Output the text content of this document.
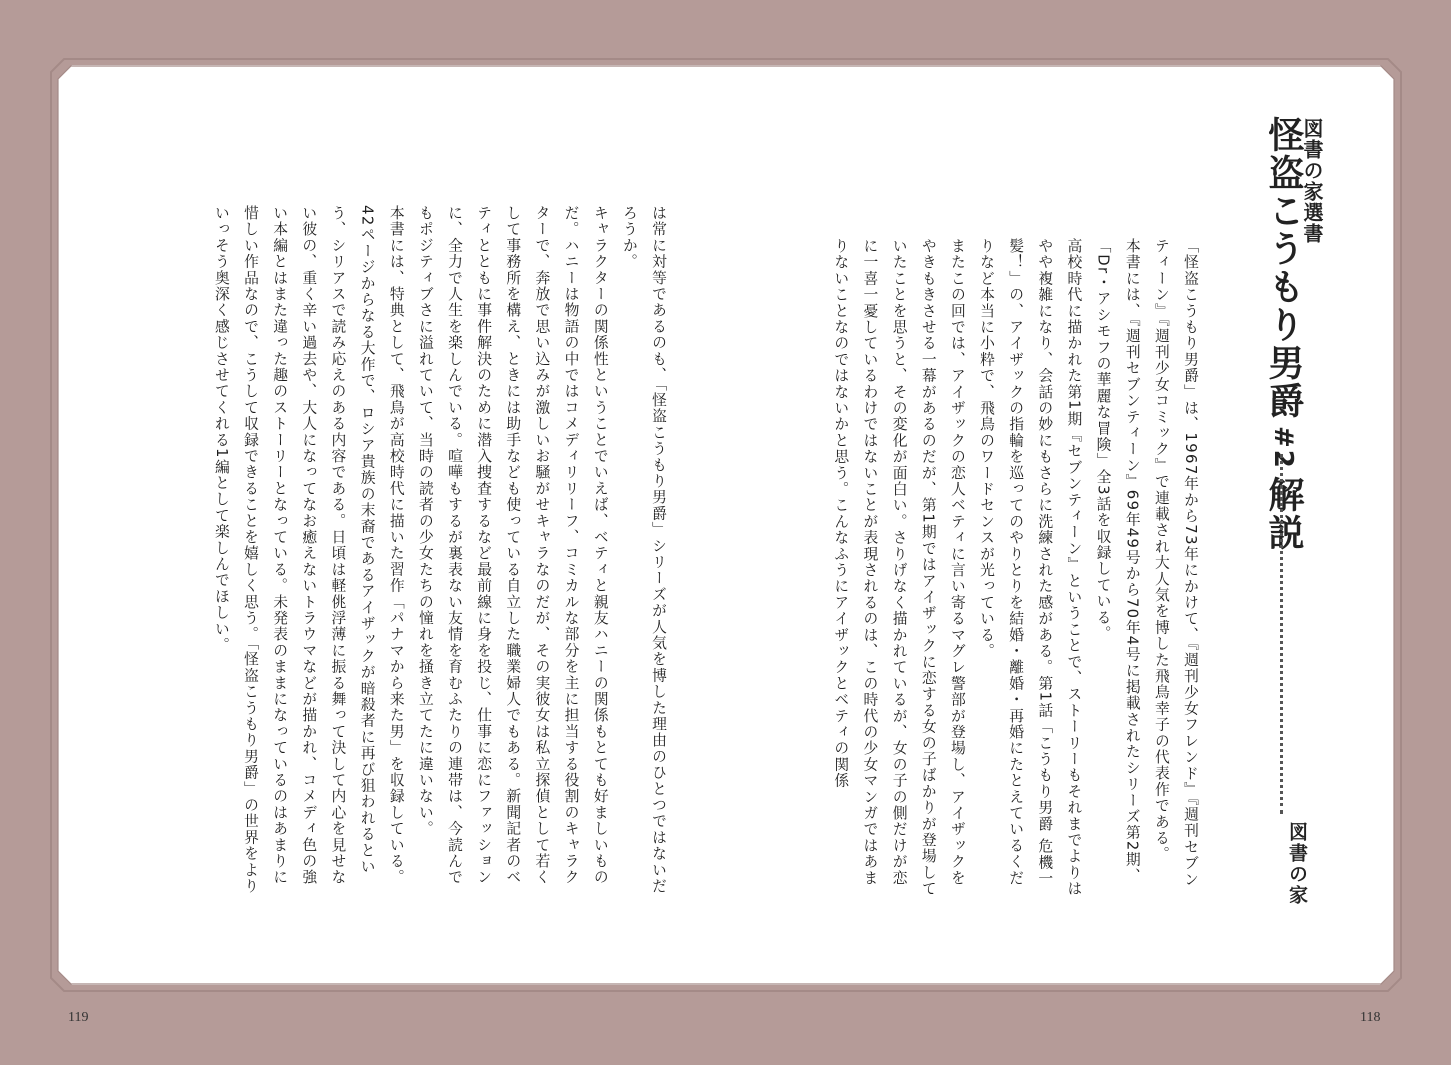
図書の家選書
怪盗こうもり男爵#2解説
図書の家

「怪盗こうもり男爵」は、1967年から73年にかけて、『週刊少女フレンド』『週刊セブンティーン』『週刊少女コミック』で連載され大人気を博した飛鳥幸子の代表作である。

本書には、『週刊セブンティーン』69年49号から70年4号に掲載されたシリーズ第2期、「Dr・アシモフの華麗な冒険」全3話を収録している。

高校時代に描かれた第1期『セブンティーン』ということで、ストーリーもそれまでよりはやや複雑になり、会話の妙にもさらに洗練された感がある。第1話「こうもり男爵 危機一髪！」の、アイザックの指輪を巡ってのやりとりを結婚・離婚・再婚にたとえているくだりなど本当に小粋で、飛鳥のワードセンスが光っている。

またこの回では、アイザックの恋人ベティに言い寄るマグレ警部が登場し、アイザックをやきもきさせる一幕があるのだが、第1期ではアイザックに恋する女の子ばかりが登場していたことを思うと、その変化が面白い。さりげなく描かれているが、女の子の側だけが恋に一喜一憂しているわけではないことが表現されるのは、この時代の少女マンガではあまりないことなのではないかと思う。こんなふうにアイザックとベティの関係

は常に対等であるのも、「怪盗こうもり男爵」シリーズが人気を博した理由のひとつではないだろうか。

キャラクターの関係性ということでいえば、ベティと親友ハニーの関係もとても好ましいものだ。ハニーは物語の中ではコメディリリーフ、コミカルな部分を主に担当する役割のキャラクターで、奔放で思い込みが激しいお騒がせキャラなのだが、その実彼女は私立探偵として若くして事務所を構え、ときには助手なども使っている自立した職業婦人でもある。新聞記者のベティとともに事件解決のために潜入捜査するなど最前線に身を投じ、仕事に恋にファッションに、全力で人生を楽しんでいる。喧嘩もするが裏表ない友情を育むふたりの連帯は、今読んでもポジティブさに溢れていて、当時の読者の少女たちの憧れを掻き立てたに違いない。

本書には、特典として、飛鳥が高校時代に描いた習作「パナマから来た男」を収録している。42ページからなる大作で、ロシア貴族の末裔であるアイザックが暗殺者に再び狙われるという、シリアスで読み応えのある内容である。日頃は軽佻浮薄に振る舞って決して内心を見せない彼の、重く辛い過去や、大人になってなお癒えないトラウマなどが描かれ、コメディ色の強い本編とはまた違った趣のストーリーとなっている。未発表のままになっているのはあまりに惜しい作品なので、こうして収録できることを嬉しく思う。「怪盗こうもり男爵」の世界をよりいっそう奥深く感じさせてくれる1編として楽しんでほしい。

119	118
